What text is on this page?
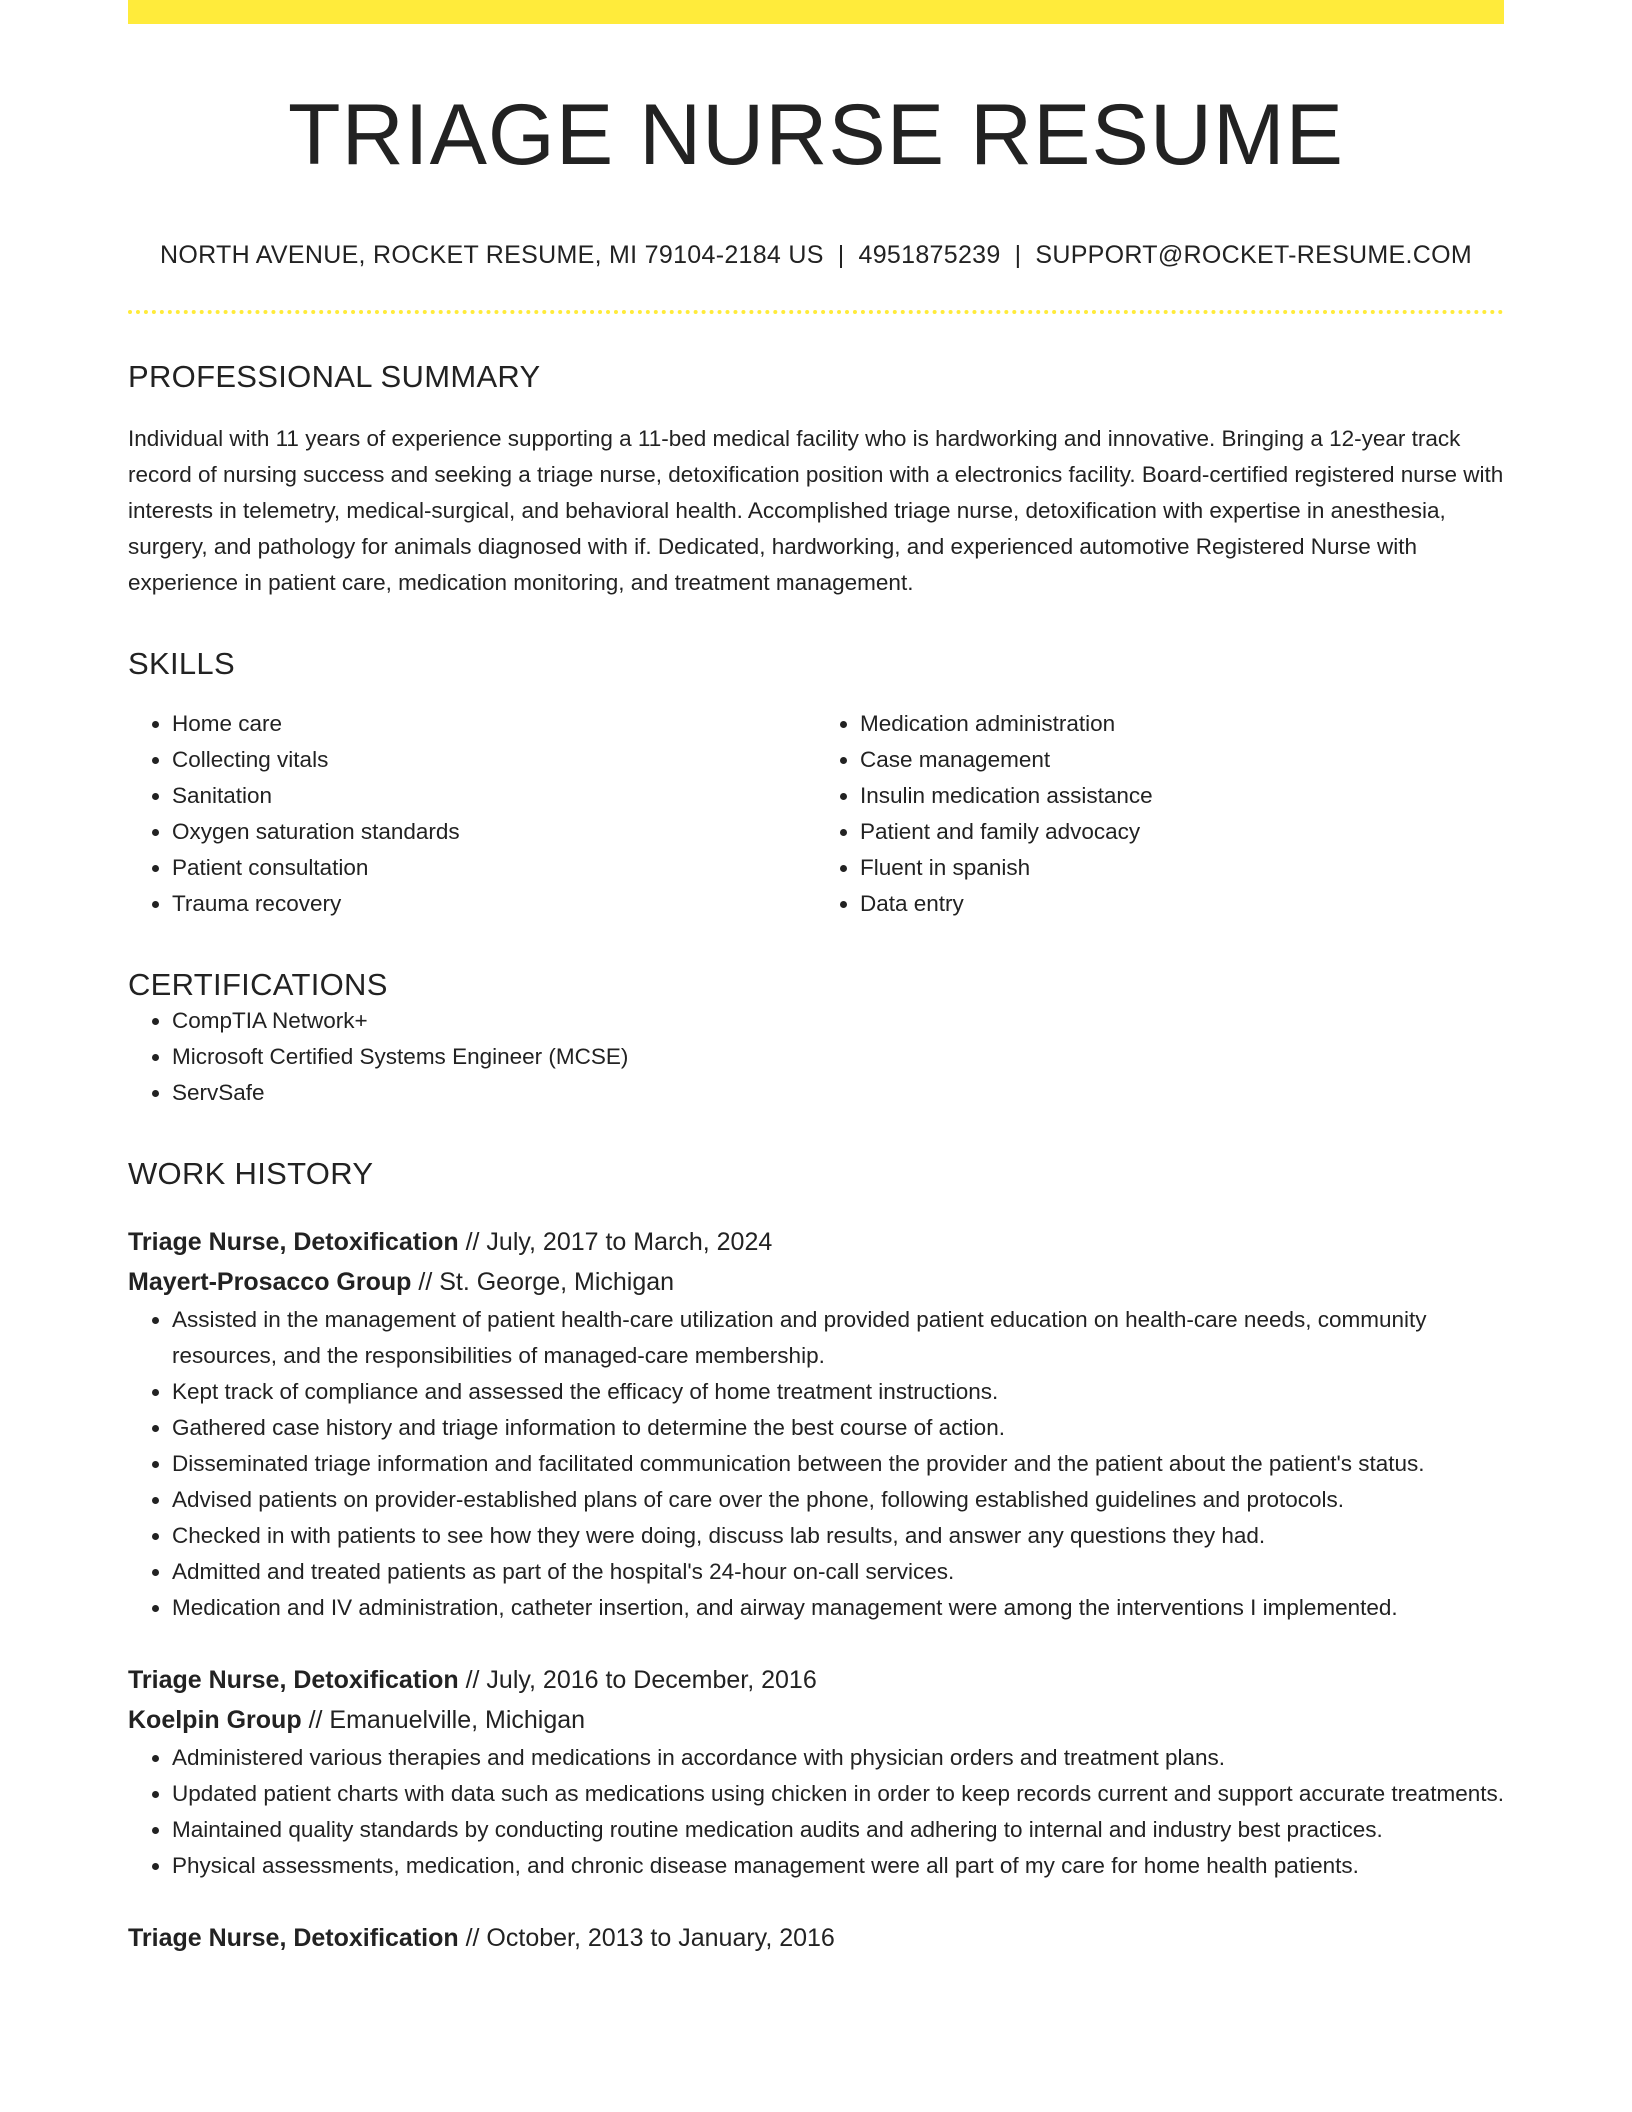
TRIAGE NURSE RESUME
NORTH AVENUE, ROCKET RESUME, MI 79104-2184 US | 4951875239 | SUPPORT@ROCKET-RESUME.COM
PROFESSIONAL SUMMARY

Individual with 11 years of experience supporting a 11-bed medical facility who is hardworking and innovative. Bringing a 12-year track record of nursing success and seeking a triage nurse, detoxification position with a electronics facility. Board-certified registered nurse with interests in telemetry, medical-surgical, and behavioral health. Accomplished triage nurse, detoxification with expertise in anesthesia, surgery, and pathology for animals diagnosed with if. Dedicated, hardworking, and experienced automotive Registered Nurse with experience in patient care, medication monitoring, and treatment management.

SKILLS
• Home care
• Collecting vitals
• Sanitation
• Oxygen saturation standards
• Patient consultation
• Trauma recovery
• Medication administration
• Case management
• Insulin medication assistance
• Patient and family advocacy
• Fluent in spanish
• Data entry
CERTIFICATIONS
• CompTIA Network+
• Microsoft Certified Systems Engineer (MCSE)
• ServSafe
WORK HISTORY
Triage Nurse, Detoxification // July, 2017 to March, 2024
Mayert-Prosacco Group // St. George, Michigan
• Assisted in the management of patient health-care utilization and provided patient education on health-care needs, community resources, and the responsibilities of managed-care membership.
• Kept track of compliance and assessed the efficacy of home treatment instructions.
• Gathered case history and triage information to determine the best course of action.
• Disseminated triage information and facilitated communication between the provider and the patient about the patient's status.
• Advised patients on provider-established plans of care over the phone, following established guidelines and protocols.
• Checked in with patients to see how they were doing, discuss lab results, and answer any questions they had.
• Admitted and treated patients as part of the hospital's 24-hour on-call services.
• Medication and IV administration, catheter insertion, and airway management were among the interventions I implemented.
Triage Nurse, Detoxification // July, 2016 to December, 2016
Koelpin Group // Emanuelville, Michigan
• Administered various therapies and medications in accordance with physician orders and treatment plans.
• Updated patient charts with data such as medications using chicken in order to keep records current and support accurate treatments.
• Maintained quality standards by conducting routine medication audits and adhering to internal and industry best practices.
• Physical assessments, medication, and chronic disease management were all part of my care for home health patients.
Triage Nurse, Detoxification // October, 2013 to January, 2016
